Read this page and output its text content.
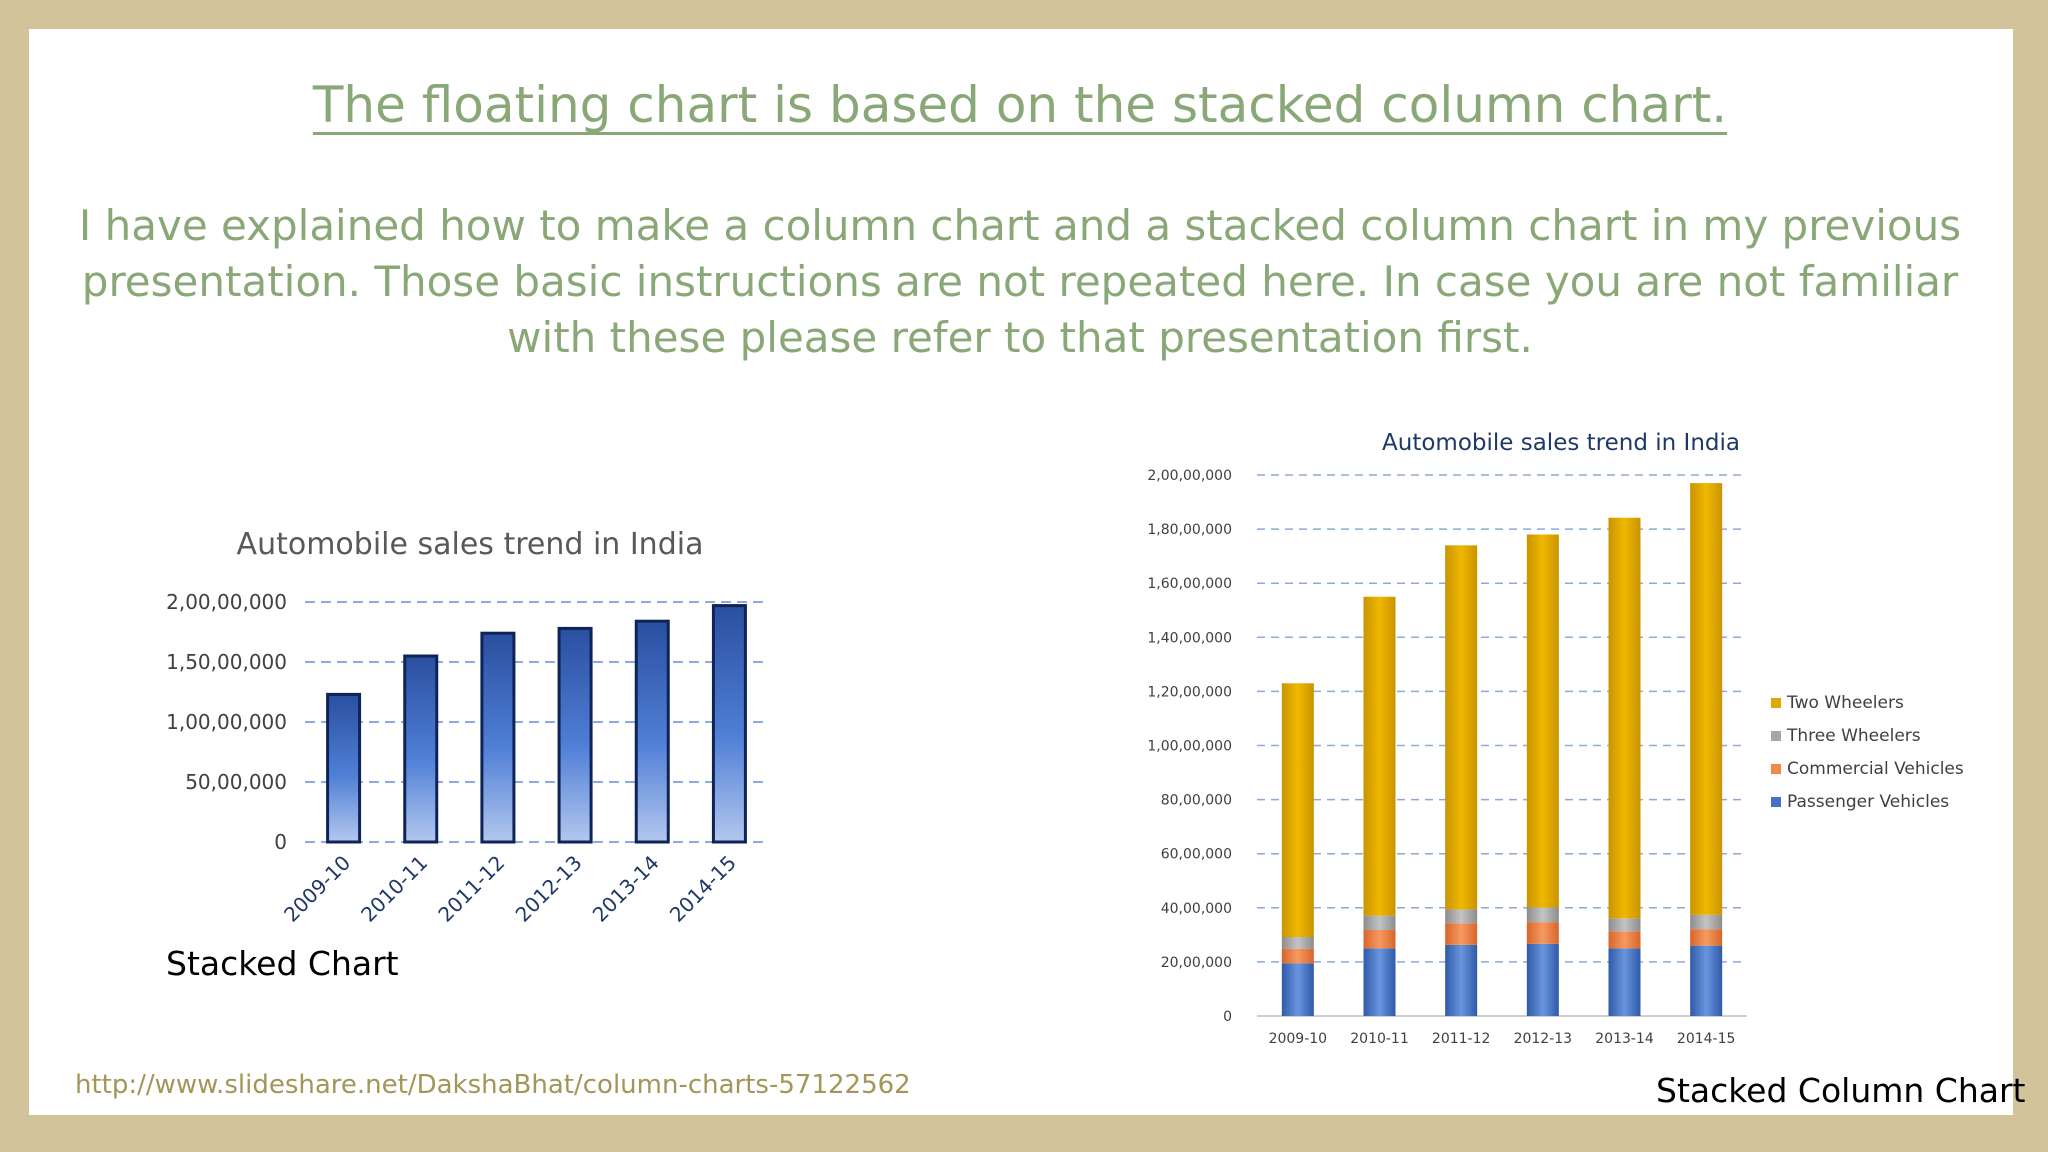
The floating chart is based on the stacked column chart.

I have explained how to make a column chart and a stacked column chart in my previous presentation. Those basic instructions are not repeated here. In case you are not familiar with these please refer to that presentation first.

Automobile sales trend in India
0
50,00,000
1,00,00,000
1,50,00,000
2,00,00,000
2009-10 2010-11 2011-12 2012-13 2013-14 2014-15
Automobile sales trend in India
0
20,00,000
40,00,000
60,00,000
80,00,000
1,00,00,000
1,20,00,000
1,40,00,000
1,60,00,000
1,80,00,000
2,00,00,000
2009-10 2010-11 2011-12 2012-13 2013-14 2014-15
Two Wheelers
Three Wheelers
Commercial Vehicles
Passenger Vehicles
Stacked Chart
Stacked Column Chart
http://www.slideshare.net/DakshaBhat/column-charts-57122562
